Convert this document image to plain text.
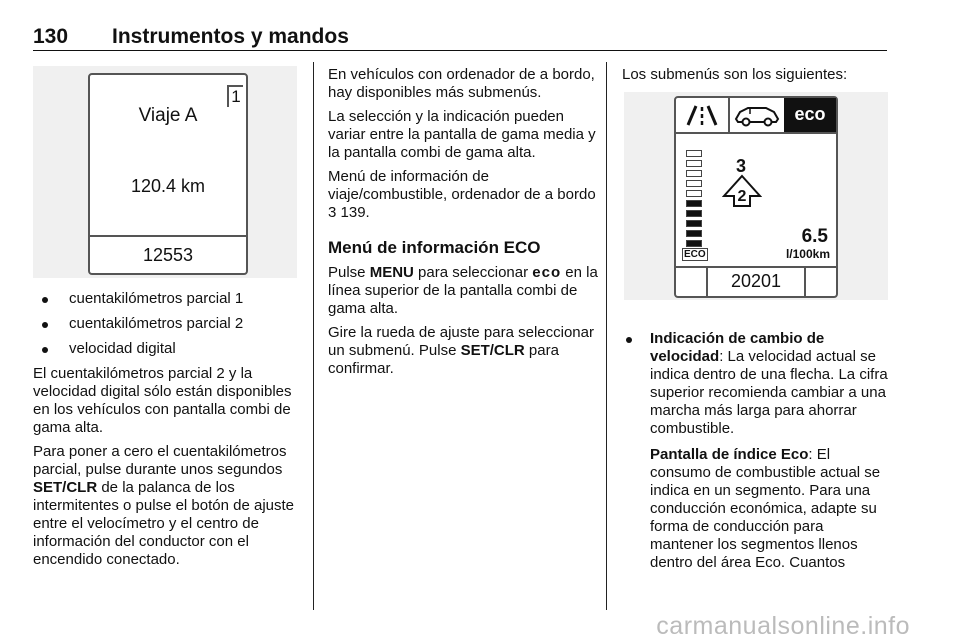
130 Instrumentos y mandos
1
Viaje A
120.4 km
12553
cuentakilómetros parcial 1
cuentakilómetros parcial 2
velocidad digital

El cuentakilómetros parcial 2 y la velocidad digital sólo están disponibles en los vehículos con pantalla combi de gama alta.

Para poner a cero el cuentakilómetros parcial, pulse durante unos segundos SET/CLR de la palanca de los intermitentes o pulse el botón de ajuste entre el velocímetro y el centro de información del conductor con el encendido conectado.

En vehículos con ordenador de a bordo, hay disponibles más submenús.

La selección y la indicación pueden variar entre la pantalla de gama media y la pantalla combi de gama alta.

Menú de información de viaje/combustible, ordenador de a bordo
3 139.

Menú de información ECO

Pulse MENU para seleccionar eco en la línea superior de la pantalla combi de gama alta.

Gire la rueda de ajuste para seleccionar un submenú. Pulse SET/CLR para confirmar.

Los submenús son los siguientes:

eco
ECO
3
2
6.5
l/100km
20201

Indicación de cambio de velocidad: La velocidad actual se indica dentro de una flecha. La cifra superior recomienda cambiar a una marcha más larga para ahorrar combustible.

Pantalla de índice Eco: El consumo de combustible actual se indica en un segmento. Para una conducción económica, adapte su forma de conducción para mantener los segmentos llenos dentro del área Eco. Cuantos

carmanualsonline.info
